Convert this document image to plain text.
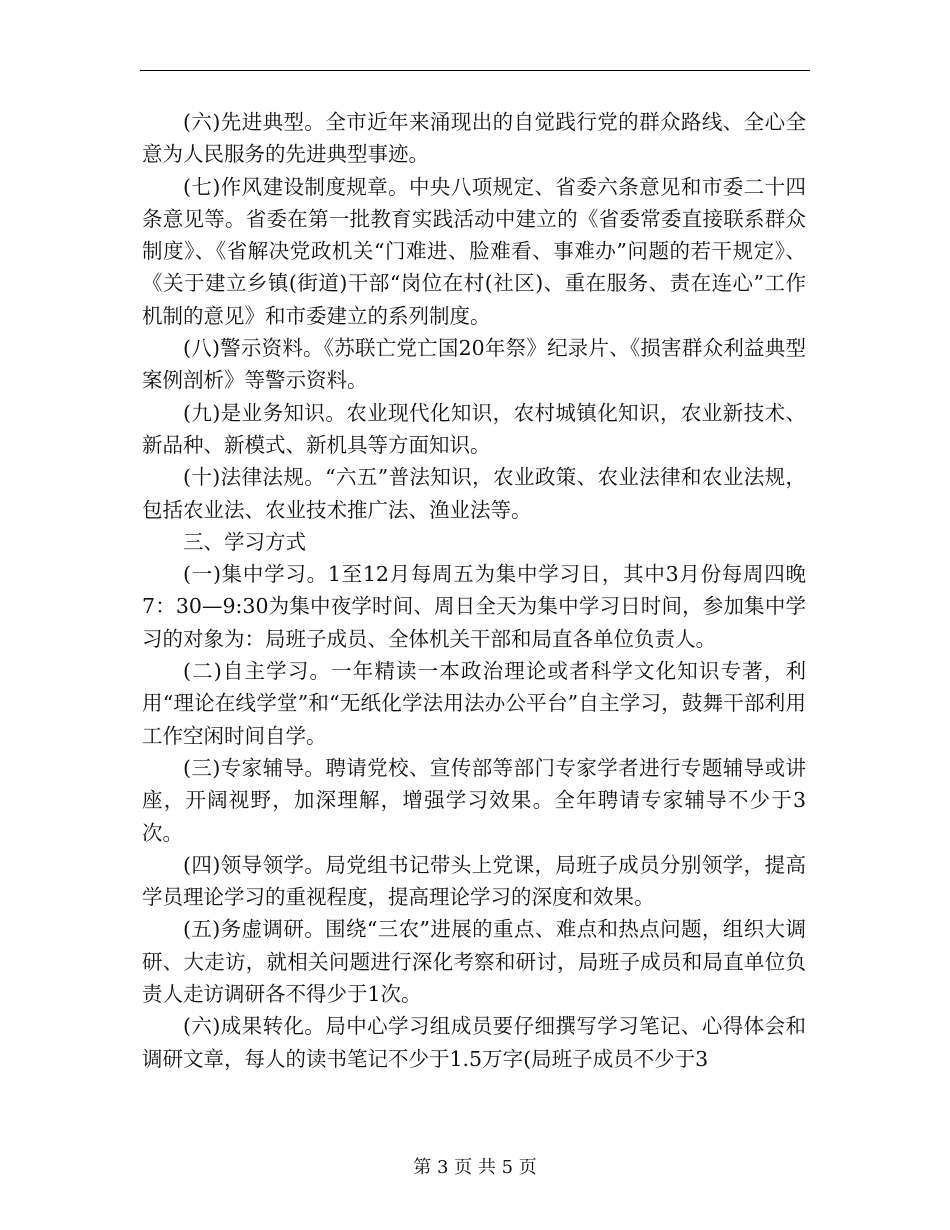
(六)先进典型。全市近年来涌现出的自觉践行党的群众路线、全心全意为人民服务的先进典型事迹。

(七)作风建设制度规章。中央八项规定、省委六条意见和市委二十四条意见等。省委在第一批教育实践活动中建立的《省委常委直接联系群众制度》、《省解决党政机关“门难进、脸难看、事难办”问题的若干规定》、《关于建立乡镇(街道)干部“岗位在村(社区)、重在服务、责在连心”工作机制的意见》和市委建立的系列制度。

(八)警示资料。《苏联亡党亡国20年祭》纪录片、《损害群众利益典型案例剖析》等警示资料。

(九)是业务知识。农业现代化知识，农村城镇化知识，农业新技术、新品种、新模式、新机具等方面知识。

(十)法律法规。“六五”普法知识，农业政策、农业法律和农业法规，包括农业法、农业技术推广法、渔业法等。

三、学习方式

(一)集中学习。1至12月每周五为集中学习日，其中3月份每周四晚7：30—9:30为集中夜学时间、周日全天为集中学习日时间，参加集中学习的对象为：局班子成员、全体机关干部和局直各单位负责人。

(二)自主学习。一年精读一本政治理论或者科学文化知识专著，利用“理论在线学堂”和“无纸化学法用法办公平台”自主学习，鼓舞干部利用工作空闲时间自学。

(三)专家辅导。聘请党校、宣传部等部门专家学者进行专题辅导或讲座，开阔视野，加深理解，增强学习效果。全年聘请专家辅导不少于3次。

(四)领导领学。局党组书记带头上党课，局班子成员分别领学，提高学员理论学习的重视程度，提高理论学习的深度和效果。

(五)务虚调研。围绕“三农”进展的重点、难点和热点问题，组织大调研、大走访，就相关问题进行深化考察和研讨，局班子成员和局直单位负责人走访调研各不得少于1次。

(六)成果转化。局中心学习组成员要仔细撰写学习笔记、心得体会和调研文章，每人的读书笔记不少于1.5万字(局班子成员不少于3

第 3 页 共 5 页
